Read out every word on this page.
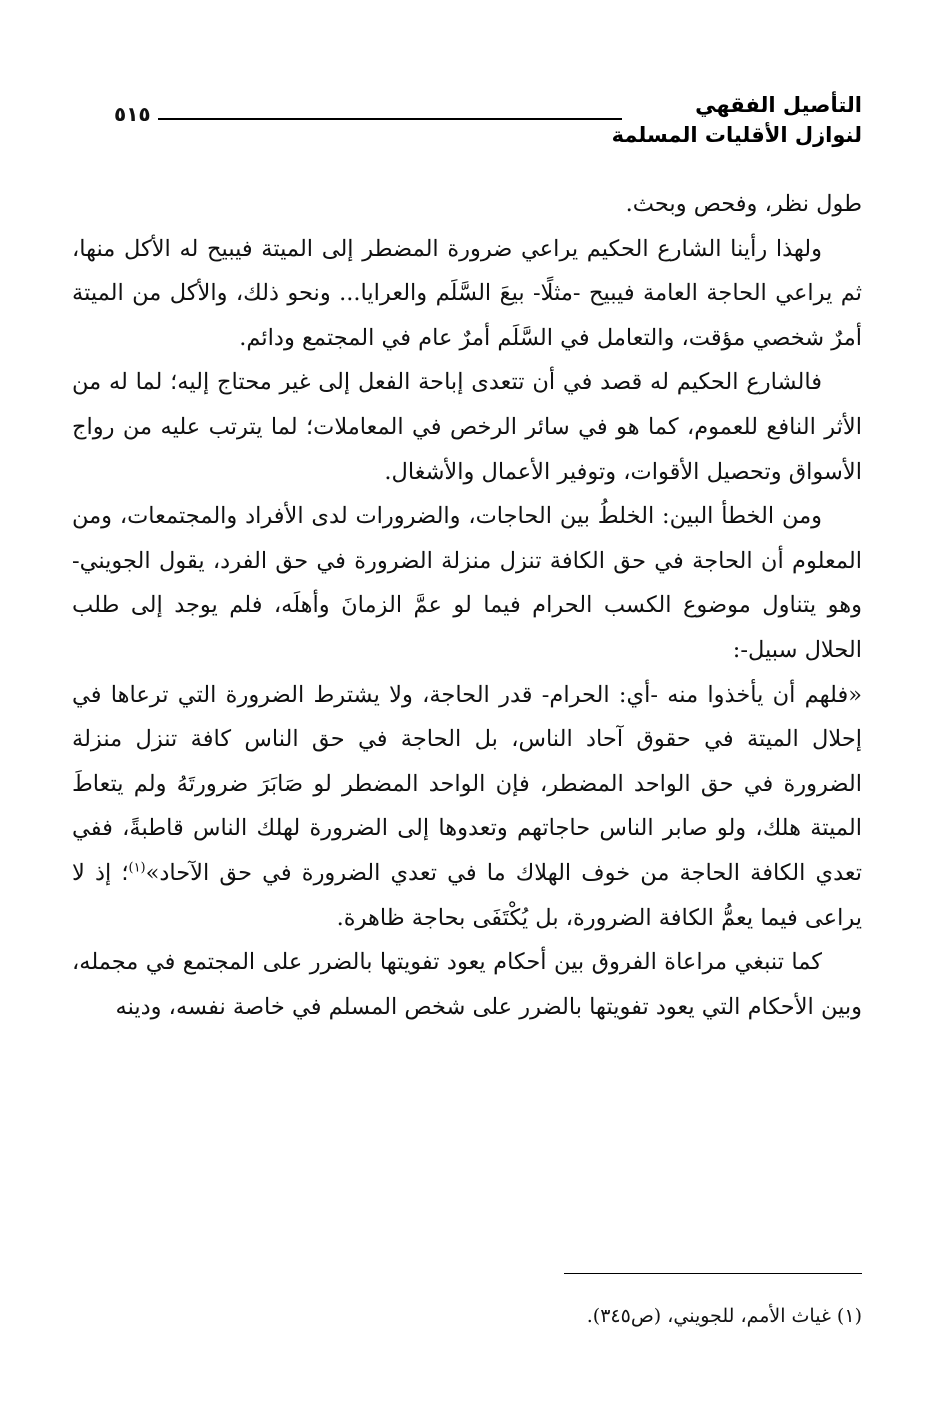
التأصيل الفقهي
لنوازل الأقليات المسلمة
٥١٥

طول نظر، وفحص وبحث.

ولهذا رأينا الشارع الحكيم يراعي ضرورة المضطر إلى الميتة فيبيح له الأكل منها، ثم يراعي الحاجة العامة فيبيح -مثلًا- بيعَ السَّلَم والعرايا... ونحو ذلك، والأكل من الميتة أمرٌ شخصي مؤقت، والتعامل في السَّلَم أمرٌ عام في المجتمع ودائم.

فالشارع الحكيم له قصد في أن تتعدى إباحة الفعل إلى غير محتاج إليه؛ لما له من الأثر النافع للعموم، كما هو في سائر الرخص في المعاملات؛ لما يترتب عليه من رواج الأسواق وتحصيل الأقوات، وتوفير الأعمال والأشغال.

ومن الخطأ البين: الخلطُ بين الحاجات، والضرورات لدى الأفراد والمجتمعات، ومن المعلوم أن الحاجة في حق الكافة تنزل منزلة الضرورة في حق الفرد، يقول الجويني-وهو يتناول موضوع الكسب الحرام فيما لو عمَّ الزمانَ وأهلَه، فلم يوجد إلى طلب الحلال سبيل-:

«فلهم أن يأخذوا منه -أي: الحرام- قدر الحاجة، ولا يشترط الضرورة التي ترعاها في إحلال الميتة في حقوق آحاد الناس، بل الحاجة في حق الناس كافة تنزل منزلة الضرورة في حق الواحد المضطر، فإن الواحد المضطر لو صَابَرَ ضرورتَهُ ولم يتعاطَ الميتة هلك، ولو صابر الناس حاجاتهم وتعدوها إلى الضرورة لهلك الناس قاطبةً، ففي تعدي الكافة الحاجة من خوف الهلاك ما في تعدي الضرورة في حق الآحاد»$^{(١)}$؛ إذ لا يراعى فيما يعمُّ الكافة الضرورة، بل يُكْتَفَى بحاجة ظاهرة.

كما تنبغي مراعاة الفروق بين أحكام يعود تفويتها بالضرر على المجتمع في مجمله، وبين الأحكام التي يعود تفويتها بالضرر على شخص المسلم في خاصة نفسه، ودينه

(١) غياث الأمم، للجويني، (ص٣٤٥).
